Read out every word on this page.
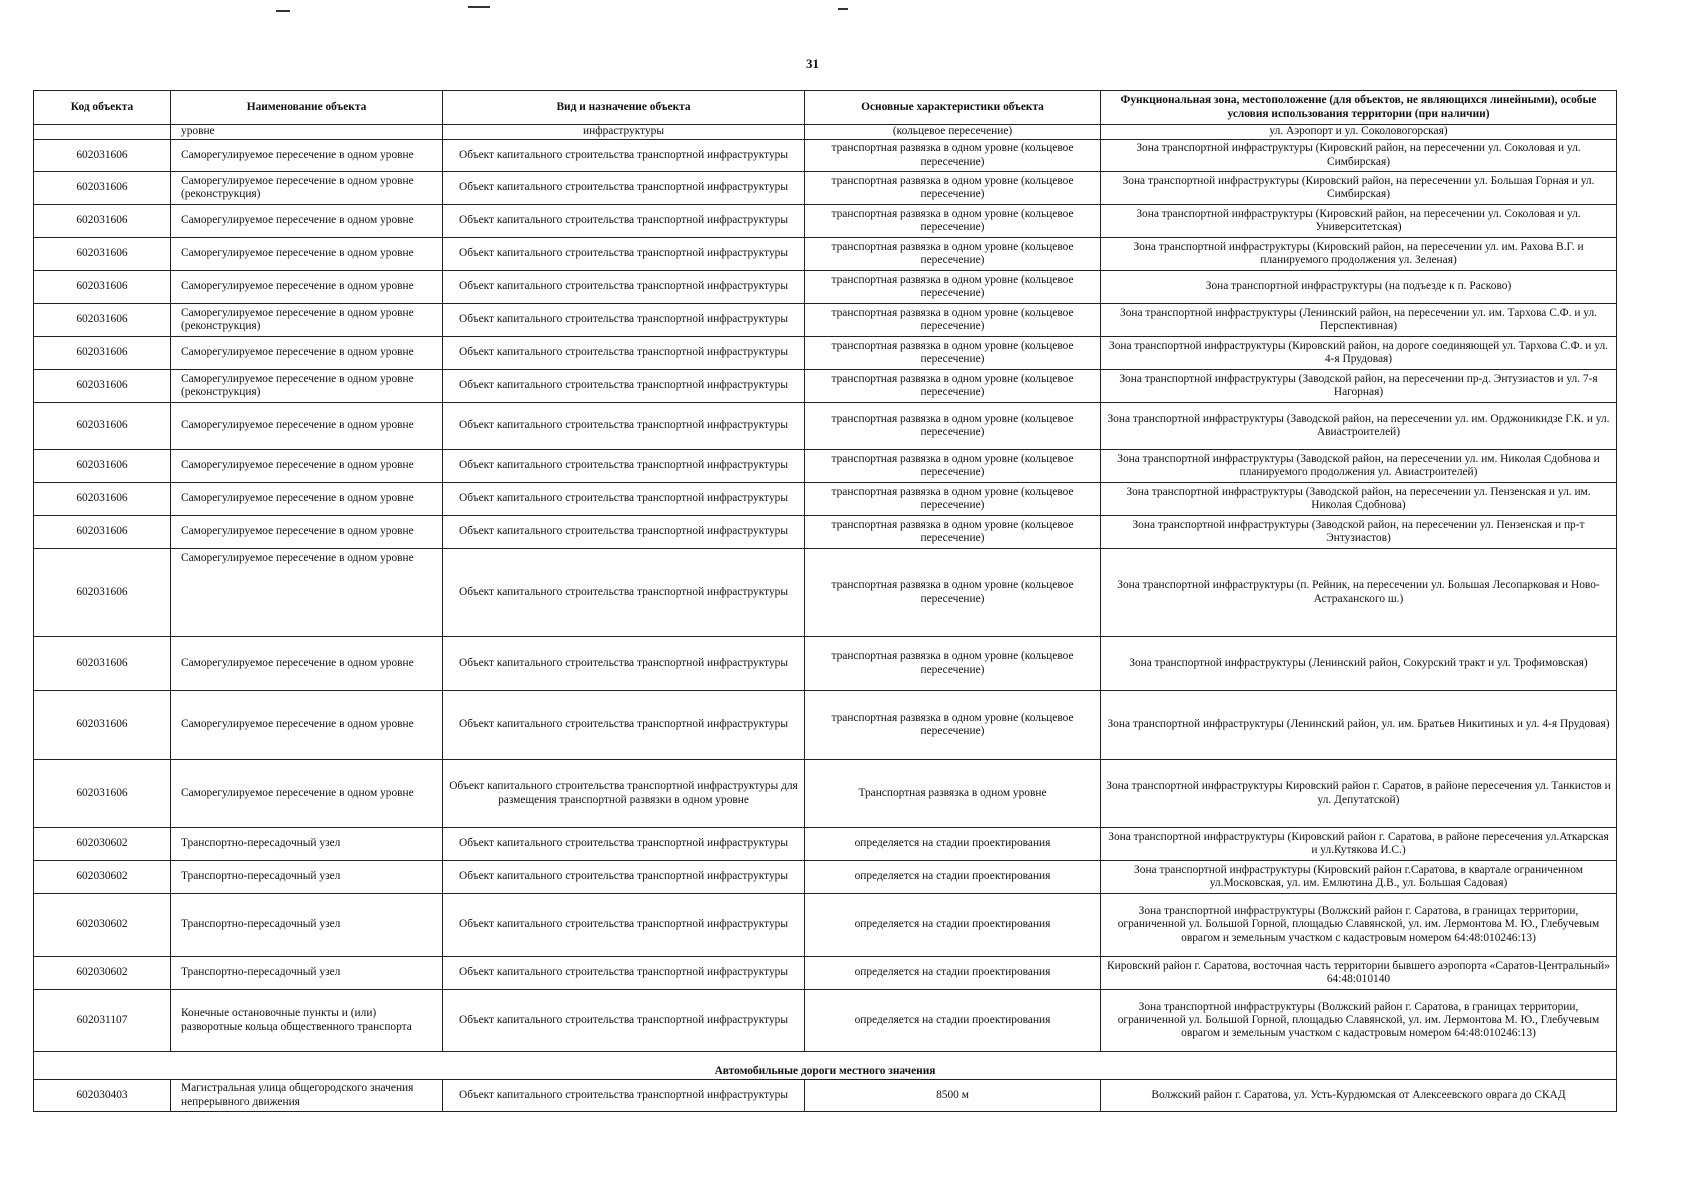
31
Код объекта	Наименование объекта	Вид и назначение объекта	Основные характеристики объекта	Функциональная зона, местоположение (для объектов, не являющихся линейными), особые условия использования территории (при наличии)
	уровне	инфраструктуры	(кольцевое пересечение)	ул. Аэропорт и ул. Соколовогорская)
602031606	Саморегулируемое пересечение в одном уровне	Объект капитального строительства транспортной инфраструктуры	транспортная развязка в одном уровне (кольцевое пересечение)	Зона транспортной инфраструктуры (Кировский район, на пересечении ул. Соколовая и ул. Симбирская)
602031606	Саморегулируемое пересечение в одном уровне (реконструкция)	Объект капитального строительства транспортной инфраструктуры	транспортная развязка в одном уровне (кольцевое пересечение)	Зона транспортной инфраструктуры (Кировский район, на пересечении ул. Большая Горная и ул. Симбирская)
602031606	Саморегулируемое пересечение в одном уровне	Объект капитального строительства транспортной инфраструктуры	транспортная развязка в одном уровне (кольцевое пересечение)	Зона транспортной инфраструктуры (Кировский район, на пересечении ул. Соколовая и ул. Университетская)
602031606	Саморегулируемое пересечение в одном уровне	Объект капитального строительства транспортной инфраструктуры	транспортная развязка в одном уровне (кольцевое пересечение)	Зона транспортной инфраструктуры (Кировский район, на пересечении ул. им. Рахова В.Г. и планируемого продолжения ул. Зеленая)
602031606	Саморегулируемое пересечение в одном уровне	Объект капитального строительства транспортной инфраструктуры	транспортная развязка в одном уровне (кольцевое пересечение)	Зона транспортной инфраструктуры (на подъезде к п. Расково)
602031606	Саморегулируемое пересечение в одном уровне (реконструкция)	Объект капитального строительства транспортной инфраструктуры	транспортная развязка в одном уровне (кольцевое пересечение)	Зона транспортной инфраструктуры (Ленинский район, на пересечении ул. им. Тархова С.Ф. и ул. Перспективная)
602031606	Саморегулируемое пересечение в одном уровне	Объект капитального строительства транспортной инфраструктуры	транспортная развязка в одном уровне (кольцевое пересечение)	Зона транспортной инфраструктуры (Кировский район, на дороге соединяющей ул. Тархова С.Ф. и ул. 4-я Прудовая)
602031606	Саморегулируемое пересечение в одном уровне (реконструкция)	Объект капитального строительства транспортной инфраструктуры	транспортная развязка в одном уровне (кольцевое пересечение)	Зона транспортной инфраструктуры (Заводской район, на пересечении пр-д. Энтузиастов и ул. 7-я Нагорная)
602031606	Саморегулируемое пересечение в одном уровне	Объект капитального строительства транспортной инфраструктуры	транспортная развязка в одном уровне (кольцевое пересечение)	Зона транспортной инфраструктуры (Заводской район, на пересечении ул. им. Орджоникидзе Г.К. и ул. Авиастроителей)
602031606	Саморегулируемое пересечение в одном уровне	Объект капитального строительства транспортной инфраструктуры	транспортная развязка в одном уровне (кольцевое пересечение)	Зона транспортной инфраструктуры (Заводской район, на пересечении ул. им. Николая Сдобнова и планируемого продолжения ул. Авиастроителей)
602031606	Саморегулируемое пересечение в одном уровне	Объект капитального строительства транспортной инфраструктуры	транспортная развязка в одном уровне (кольцевое пересечение)	Зона транспортной инфраструктуры (Заводской район, на пересечении ул. Пензенская и ул. им. Николая Сдобнова)
602031606	Саморегулируемое пересечение в одном уровне	Объект капитального строительства транспортной инфраструктуры	транспортная развязка в одном уровне (кольцевое пересечение)	Зона транспортной инфраструктуры (Заводской район, на пересечении ул. Пензенская и пр-т Энтузиастов)
602031606	Саморегулируемое пересечение в одном уровне	Объект капитального строительства транспортной инфраструктуры	транспортная развязка в одном уровне (кольцевое пересечение)	Зона транспортной инфраструктуры (п. Рейник, на пересечении ул. Большая Лесопарковая и Ново-Астраханского ш.)
602031606	Саморегулируемое пересечение в одном уровне	Объект капитального строительства транспортной инфраструктуры	транспортная развязка в одном уровне (кольцевое пересечение)	Зона транспортной инфраструктуры (Ленинский район, Сокурский тракт и ул. Трофимовская)
602031606	Саморегулируемое пересечение в одном уровне	Объект капитального строительства транспортной инфраструктуры	транспортная развязка в одном уровне (кольцевое пересечение)	Зона транспортной инфраструктуры (Ленинский район, ул. им. Братьев Никитиных и ул. 4-я Прудовая)
602031606	Саморегулируемое пересечение в одном уровне	Объект капитального строительства транспортной инфраструктуры для размещения транспортной развязки в одном уровне	Транспортная развязка в одном уровне	Зона транспортной инфраструктуры Кировский район г. Саратов, в районе пересечения ул. Танкистов и ул. Депутатской)
602030602	Транспортно-пересадочный узел	Объект капитального строительства транспортной инфраструктуры	определяется на стадии проектирования	Зона транспортной инфраструктуры (Кировский район г. Саратова, в районе пересечения ул.Аткарская и ул.Кутякова И.С.)
602030602	Транспортно-пересадочный узел	Объект капитального строительства транспортной инфраструктуры	определяется на стадии проектирования	Зона транспортной инфраструктуры (Кировский район г.Саратова, в квартале ограниченном ул.Московская, ул. им. Емлютина Д.В., ул. Большая Садовая)
602030602	Транспортно-пересадочный узел	Объект капитального строительства транспортной инфраструктуры	определяется на стадии проектирования	Зона транспортной инфраструктуры (Волжский район г. Саратова, в границах территории, ограниченной ул. Большой Горной, площадью Славянской, ул. им. Лермонтова М. Ю., Глебучевым оврагом и земельным участком с кадастровым номером 64:48:010246:13)
602030602	Транспортно-пересадочный узел	Объект капитального строительства транспортной инфраструктуры	определяется на стадии проектирования	Кировский район г. Саратова, восточная часть территории бывшего аэропорта «Саратов-Центральный» 64:48:010140
602031107	Конечные остановочные пункты и (или) разворотные кольца общественного транспорта	Объект капитального строительства транспортной инфраструктуры	определяется на стадии проектирования	Зона транспортной инфраструктуры (Волжский район г. Саратова, в границах территории, ограниченной ул. Большой Горной, площадью Славянской, ул. им. Лермонтова М. Ю., Глебучевым оврагом и земельным участком с кадастровым номером 64:48:010246:13)
Автомобильные дороги местного значения				
602030403	Магистральная улица общегородского значения непрерывного движения	Объект капитального строительства транспортной инфраструктуры	8500 м	Волжский район г. Саратова, ул. Усть-Курдюмская от Алексеевского оврага до СКАД
